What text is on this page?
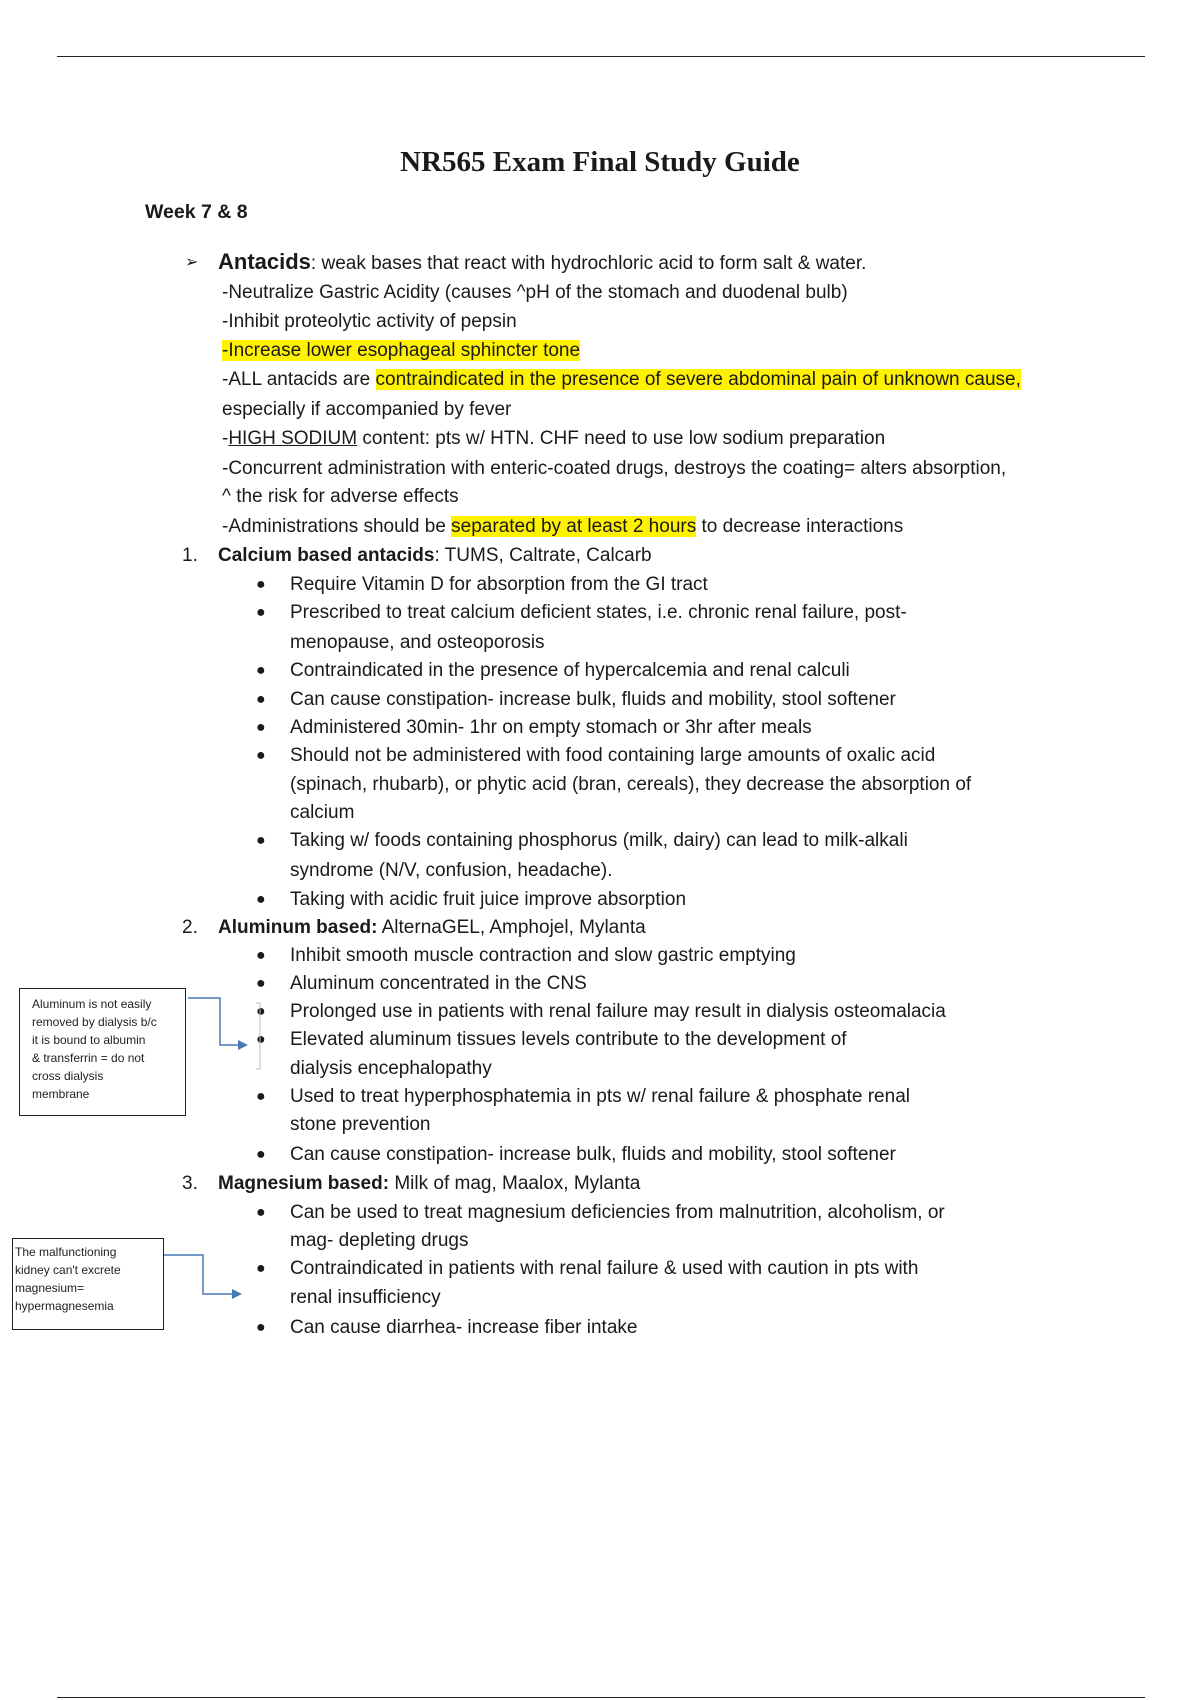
NR565 Exam Final Study Guide
Week 7 & 8
➢ Antacids: weak bases that react with hydrochloric acid to form salt & water.
-Neutralize Gastric Acidity (causes ^pH of the stomach and duodenal bulb)
-Inhibit proteolytic activity of pepsin
-Increase lower esophageal sphincter tone
-ALL antacids are contraindicated in the presence of severe abdominal pain of unknown cause,
especially if accompanied by fever
-HIGH SODIUM content: pts w/ HTN. CHF need to use low sodium preparation
-Concurrent administration with enteric-coated drugs, destroys the coating= alters absorption,
^ the risk for adverse effects
-Administrations should be separated by at least 2 hours to decrease interactions
1. Calcium based antacids: TUMS, Caltrate, Calcarb
● Require Vitamin D for absorption from the GI tract
● Prescribed to treat calcium deficient states, i.e. chronic renal failure, post-
menopause, and osteoporosis
● Contraindicated in the presence of hypercalcemia and renal calculi
● Can cause constipation- increase bulk, fluids and mobility, stool softener
● Administered 30min- 1hr on empty stomach or 3hr after meals
● Should not be administered with food containing large amounts of oxalic acid
(spinach, rhubarb), or phytic acid (bran, cereals), they decrease the absorption of
calcium
● Taking w/ foods containing phosphorus (milk, dairy) can lead to milk-alkali
syndrome (N/V, confusion, headache).
● Taking with acidic fruit juice improve absorption
2. Aluminum based: AlternaGEL, Amphojel, Mylanta
● Inhibit smooth muscle contraction and slow gastric emptying
● Aluminum concentrated in the CNS
● Prolonged use in patients with renal failure may result in dialysis osteomalacia
● Elevated aluminum tissues levels contribute to the development of
dialysis encephalopathy
● Used to treat hyperphosphatemia in pts w/ renal failure & phosphate renal
stone prevention
● Can cause constipation- increase bulk, fluids and mobility, stool softener
3. Magnesium based: Milk of mag, Maalox, Mylanta
● Can be used to treat magnesium deficiencies from malnutrition, alcoholism, or
mag- depleting drugs
● Contraindicated in patients with renal failure & used with caution in pts with
renal insufficiency
● Can cause diarrhea- increase fiber intake
Aluminum is not easily
removed by dialysis b/c
it is bound to albumin
& transferrin = do not
cross dialysis
membrane
The malfunctioning
kidney can't excrete
magnesium=
hypermagnesemia
